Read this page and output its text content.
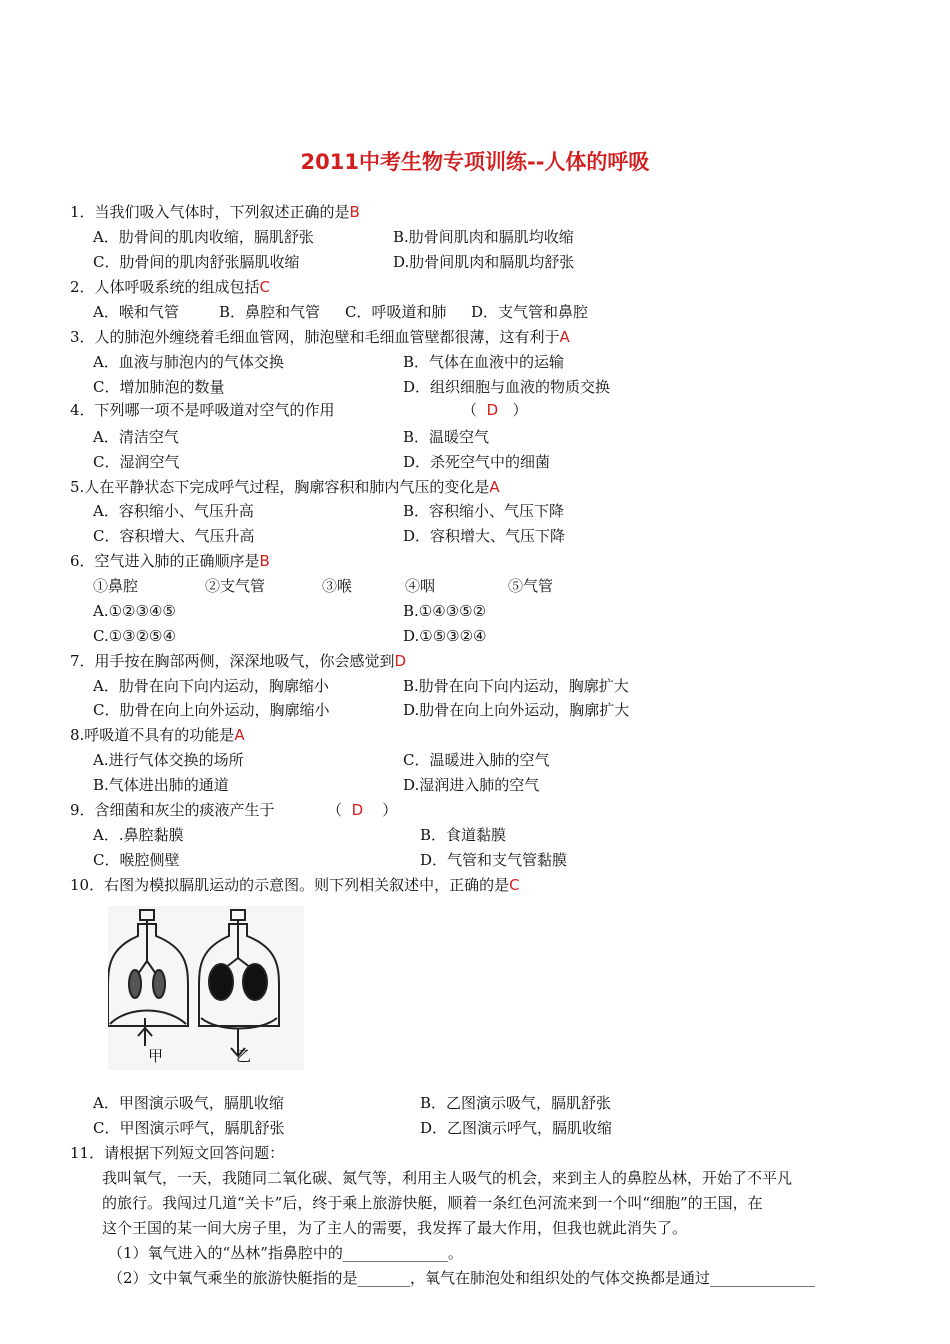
2011中考生物专项训练--人体的呼吸
1．当我们吸入气体时，下列叙述正确的是B
A．肋骨间的肌肉收缩，膈肌舒张	B.肋骨间肌肉和膈肌均收缩
C．肋骨间的肌肉舒张膈肌收缩	D.肋骨间肌肉和膈肌均舒张
2．人体呼吸系统的组成包括C
A．喉和气管	B．鼻腔和气管 C．呼吸道和肺 D．支气管和鼻腔
3．人的肺泡外缠绕着毛细血管网，肺泡壁和毛细血管壁都很薄，这有利于A
A．血液与肺泡内的气体交换	B．气体在血液中的运输
C．增加肺泡的数量	D．组织细胞与血液的物质交换
4．下列哪一项不是呼吸道对空气的作用	（ D ）
A．清洁空气	B．温暖空气
C．湿润空气	D．杀死空气中的细菌
5.人在平静状态下完成呼气过程，胸廓容积和肺内气压的变化是A
A．容积缩小、气压升高	B．容积缩小、气压下降
C．容积增大、气压升高	D．容积增大、气压下降
6．空气进入肺的正确顺序是B
①鼻腔	②支气管	③喉	④咽	⑤气管
A.①②③④⑤	B.①④③⑤②
C.①③②⑤④	D.①⑤③②④
7．用手按在胸部两侧，深深地吸气，你会感觉到D
A．肋骨在向下向内运动，胸廓缩小	B.肋骨在向下向内运动，胸廓扩大
C．肋骨在向上向外运动，胸廓缩小	D.肋骨在向上向外运动，胸廓扩大
8.呼吸道不具有的功能是A
A.进行气体交换的场所	C．温暖进入肺的空气
B.气体进出肺的通道	D.湿润进入肺的空气
9．含细菌和灰尘的痰液产生于	（ D ）
A．.鼻腔黏膜	B．食道黏膜
C．喉腔侧壁	D．气管和支气管黏膜
10．右图为模拟膈肌运动的示意图。则下列相关叙述中，正确的是C
甲	乙
A．甲图演示吸气，膈肌收缩	B．乙图演示吸气，膈肌舒张
C．甲图演示呼气，膈肌舒张	D．乙图演示呼气，膈肌收缩
11．请根据下列短文回答问题：
我叫氧气，一天，我随同二氧化碳、氮气等，利用主人吸气的机会，来到主人的鼻腔丛林，开始了不平凡
的旅行。我闯过几道“关卡”后，终于乘上旅游快艇，顺着一条红色河流来到一个叫“细胞”的王国，在
这个王国的某一间大房子里，为了主人的需要，我发挥了最大作用，但我也就此消失了。
（1）氧气进入的“丛林”指鼻腔中的______________。
（2）文中氧气乘坐的旅游快艇指的是_______，氧气在肺泡处和组织处的气体交换都是通过______________
